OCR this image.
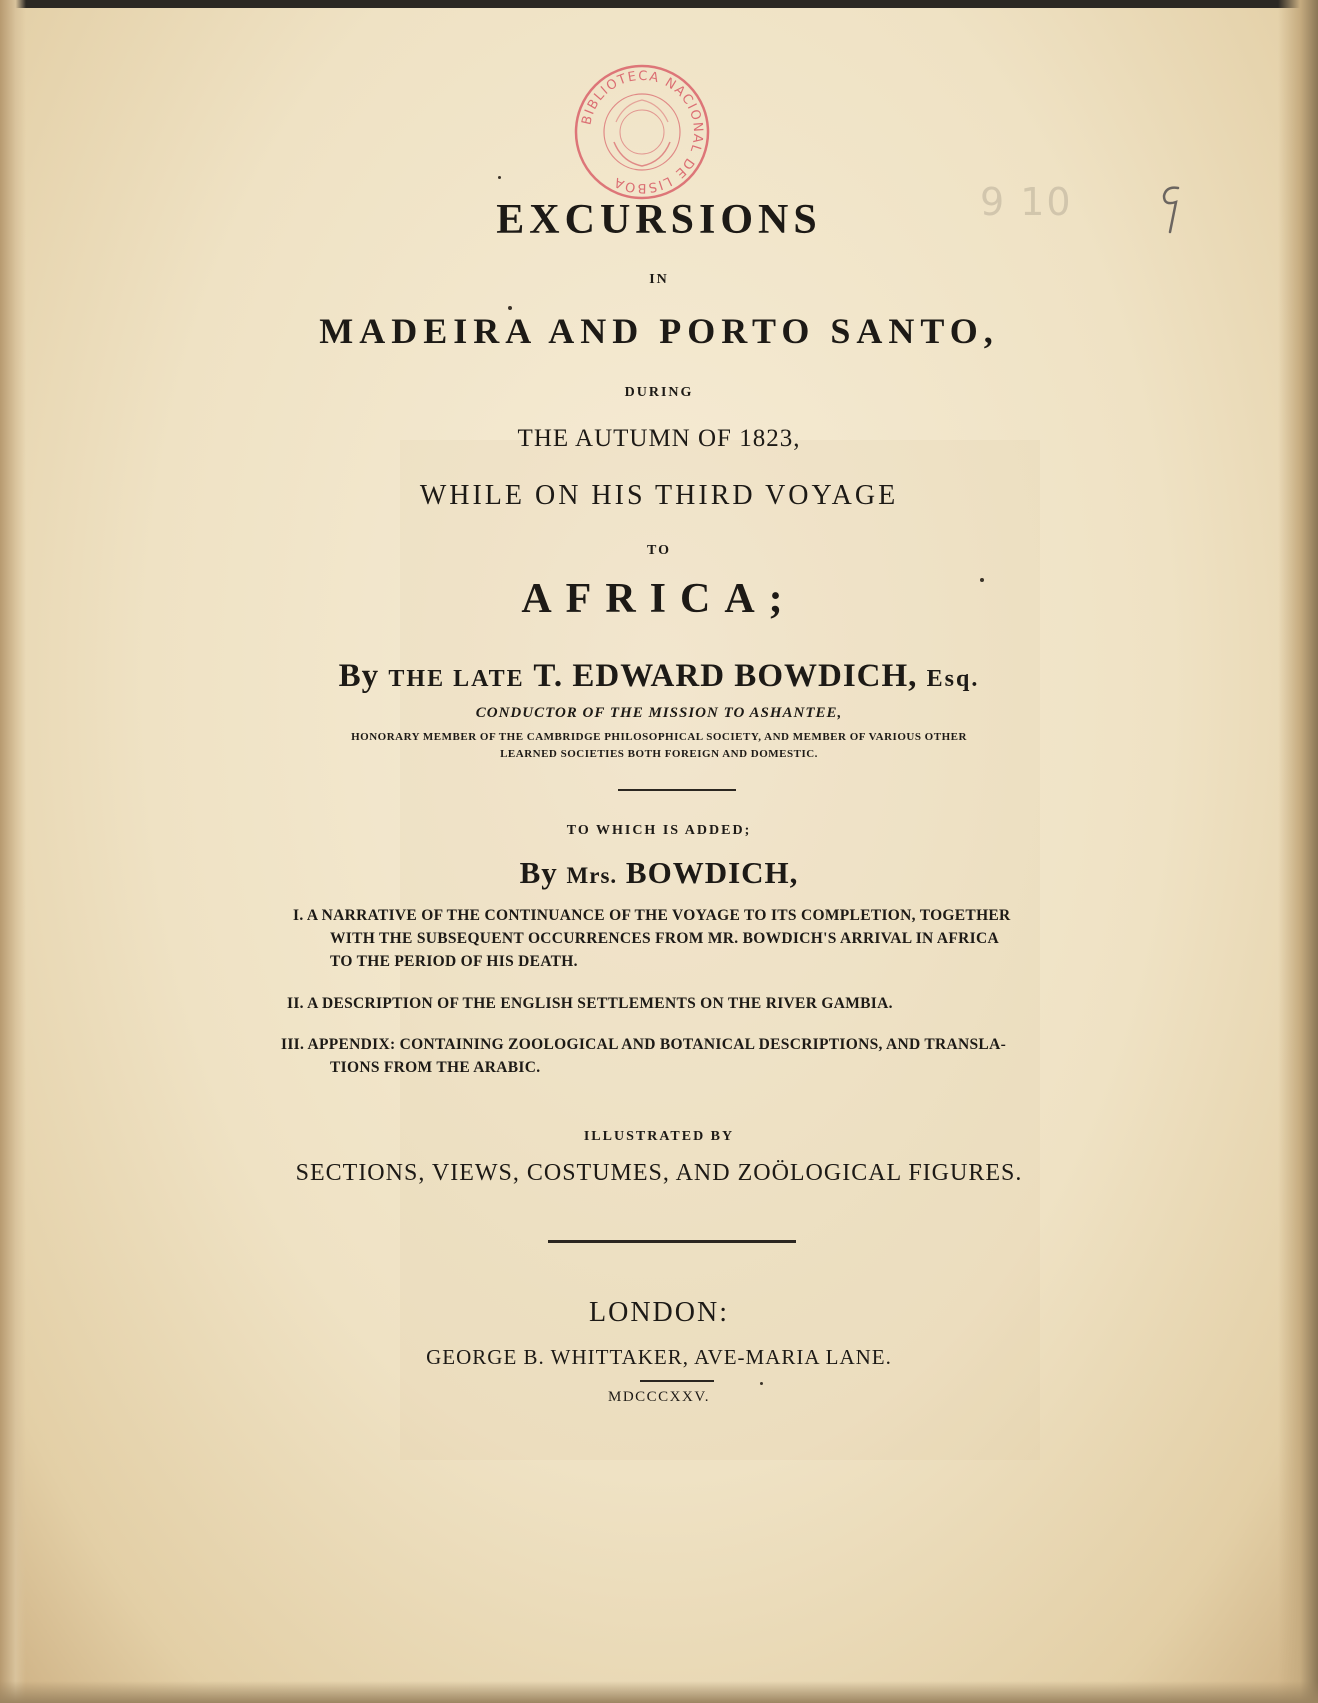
BIBLIOTECA NACIONAL DE LISBOA	9 10
EXCURSIONS
IN
MADEIRA AND PORTO SANTO,
DURING
THE AUTUMN OF 1823,
WHILE ON HIS THIRD VOYAGE
TO
AFRICA;
By THE LATE T. EDWARD BOWDICH, Esq.
CONDUCTOR OF THE MISSION TO ASHANTEE,
HONORARY MEMBER OF THE CAMBRIDGE PHILOSOPHICAL SOCIETY, AND MEMBER OF VARIOUS OTHER
LEARNED SOCIETIES BOTH FOREIGN AND DOMESTIC.
TO WHICH IS ADDED;
By Mrs. BOWDICH,
I. A NARRATIVE OF THE CONTINUANCE OF THE VOYAGE TO ITS COMPLETION, TOGETHER
WITH THE SUBSEQUENT OCCURRENCES FROM MR. BOWDICH'S ARRIVAL IN AFRICA
TO THE PERIOD OF HIS DEATH.
II. A DESCRIPTION OF THE ENGLISH SETTLEMENTS ON THE RIVER GAMBIA.
III. APPENDIX: CONTAINING ZOOLOGICAL AND BOTANICAL DESCRIPTIONS, AND TRANSLA-
TIONS FROM THE ARABIC.
ILLUSTRATED BY
SECTIONS, VIEWS, COSTUMES, AND ZOÖLOGICAL FIGURES.
LONDON:
GEORGE B. WHITTAKER, AVE-MARIA LANE.
MDCCCXXV.
